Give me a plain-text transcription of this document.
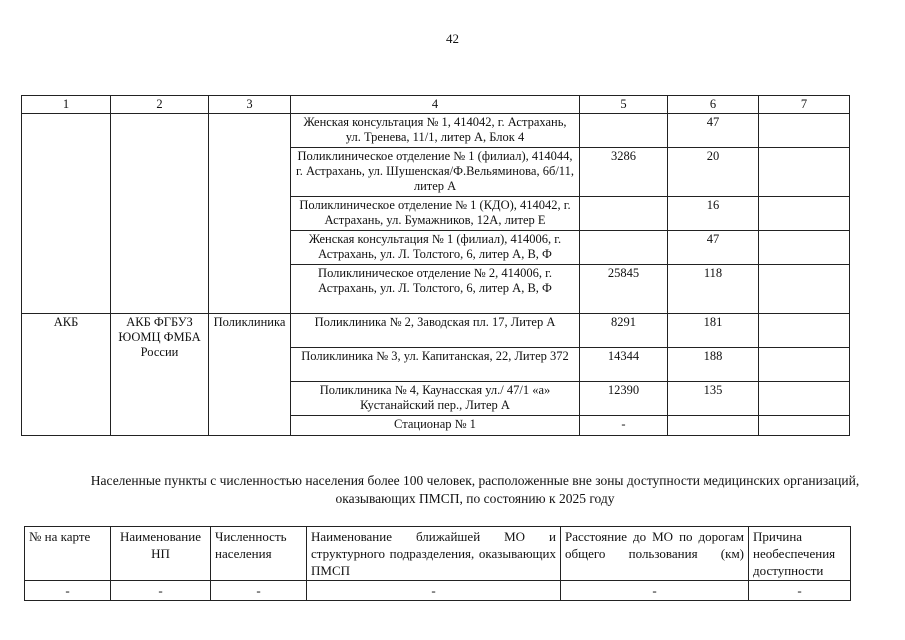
42
1	2	3	4	5	6	7
			Женская консультация № 1, 414042, г. Астрахань, ул. Тренева, 11/1, литер А, Блок 4		47	
			Поликлиническое отделение № 1 (филиал), 414044, г. Астрахань, ул. Шушенская/Ф.Вельяминова, 6б/11, литер А	3286	20	
			Поликлиническое отделение № 1 (КДО), 414042, г. Астрахань, ул. Бумажников, 12А, литер Е		16	
			Женская консультация № 1 (филиал), 414006, г. Астрахань, ул. Л. Толстого, 6, литер А, В, Ф		47	
			Поликлиническое отделение № 2, 414006, г. Астрахань, ул. Л. Толстого, 6, литер А, В, Ф	25845	118	
АКБ	АКБ ФГБУЗ ЮОМЦ ФМБА России	Поликлиника	Поликлиника № 2, Заводская пл. 17, Литер А	8291	181	
			Поликлиника № 3, ул. Капитанская, 22, Литер 372	14344	188	
			Поликлиника № 4, Каунасская ул./ 47/1 «а» Кустанайский пер., Литер А	12390	135	
			Стационар № 1	-		
Населенные пункты с численностью населения более 100 человек, расположенные вне зоны доступности медицинских организаций, оказывающих ПМСП, по состоянию к 2025 году
№ на карте	Наименование НП	Численность населения	Наименование ближайшей МО и структурного подразделения, оказывающих ПМСП	Расстояние до МО по дорогам общего пользования (км)	Причина необеспечения доступности
-	-	-	-	-	-
